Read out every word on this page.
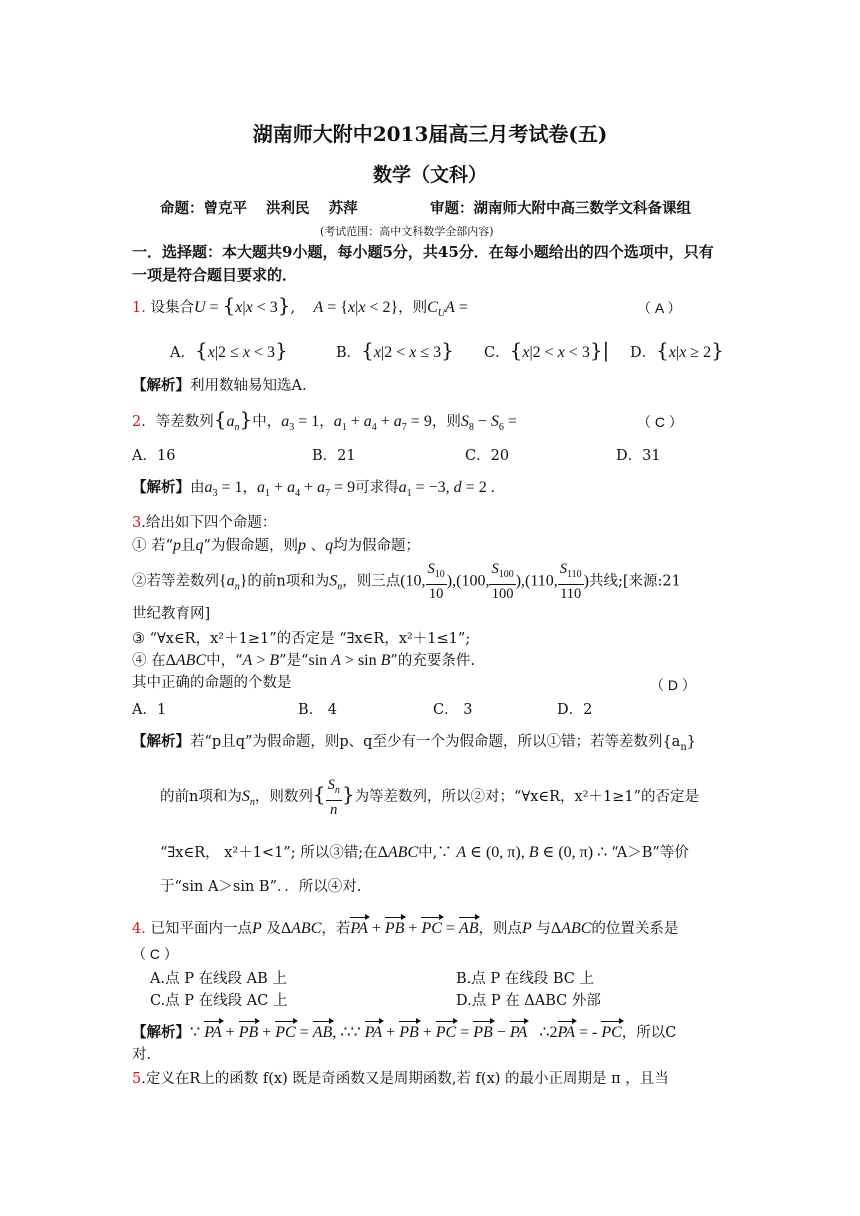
湖南师大附中2013届高三月考试卷(五)
数学（文科）
命题：曾克平 洪利民 苏萍	审题：湖南师大附中高三数学文科备课组
(考试范围：高中文科数学全部内容)
一．选择题：本大题共9小题，每小题5分，共45分．在每小题给出的四个选项中，只有
一项是符合题目要求的．
1. 设集合U = {x|x < 3},    A = {x|x < 2}，则$C_UA$ =	（ A ）
A．{x|2 ≤ x < 3}	B．{x|2 < x ≤ 3} C．{x|2 < x < 3}| D．{x|x ≥ 2}
【解析】利用数轴易知选A.
2．等差数列$\{a_n\}$中，$a_3 = 1$，$a_1 + a_4 + a_7 = 9$，则$S_8 - S_6$ =	（ C ）
A．16	B．21	C．20	D．31
【解析】由$a_3 = 1$，$a_1 + a_4 + a_7 = 9$可求得$a_1 = -3$, d = 2 .
3.给出如下四个命题：
① 若“p且q”为假命题，则p 、q均为假命题；
②若等差数列$\{a_n\}$的前n项和为$S_n$，则三点(10, $\frac{S_{10}}{10} ),(100$, $\frac{S_{100}}{100} ),(110$, $\frac{S_{110}}{110}$ )共线;[来源:21
世纪教育网]
③ “∀x∈R，x²＋1≥1”的否定是 “∃x∈R，x²＋1≤1”;
④ 在ΔABC中，“A > B”是“sin A > sin B”的充要条件.
其中正确的命题的个数是	（ D ）
A．1	B． 4	C． 3	D．2
【解析】若“p且q”为假命题，则p、q至少有一个为假命题，所以①错；若等差数列$\{a_n\}$
的前n项和为$S_n$，则数列{ $\frac{S_n}{n}$ }为等差数列，所以②对；“∀x∈R，x²＋1≥1”的否定是
“∃x∈R， x²＋1<1”; 所以③错;在ΔABC中,∵ A ∈ (0, π), B ∈ (0, π) ∴ “A＞B”等价
于“sin A＞sin B”．．所以④对.
4. 已知平面内一点P 及ΔABC，若PA + PB + PC = AB，则点P 与ΔABC的位置关系是
（ C ）
A.点 P 在线段 AB 上	B.点 P 在线段 BC 上
C.点 P 在线段 AC 上	D.点 P 在 ΔABC 外部
【解析】∵ PA + PB + PC = AB, ∴∵ PA + PB + PC = PB − PA   ∴2PA = - PC，所以C
对.
5.定义在R上的函数 f(x) 既是奇函数又是周期函数,若 f(x) 的最小正周期是 π ，且当
